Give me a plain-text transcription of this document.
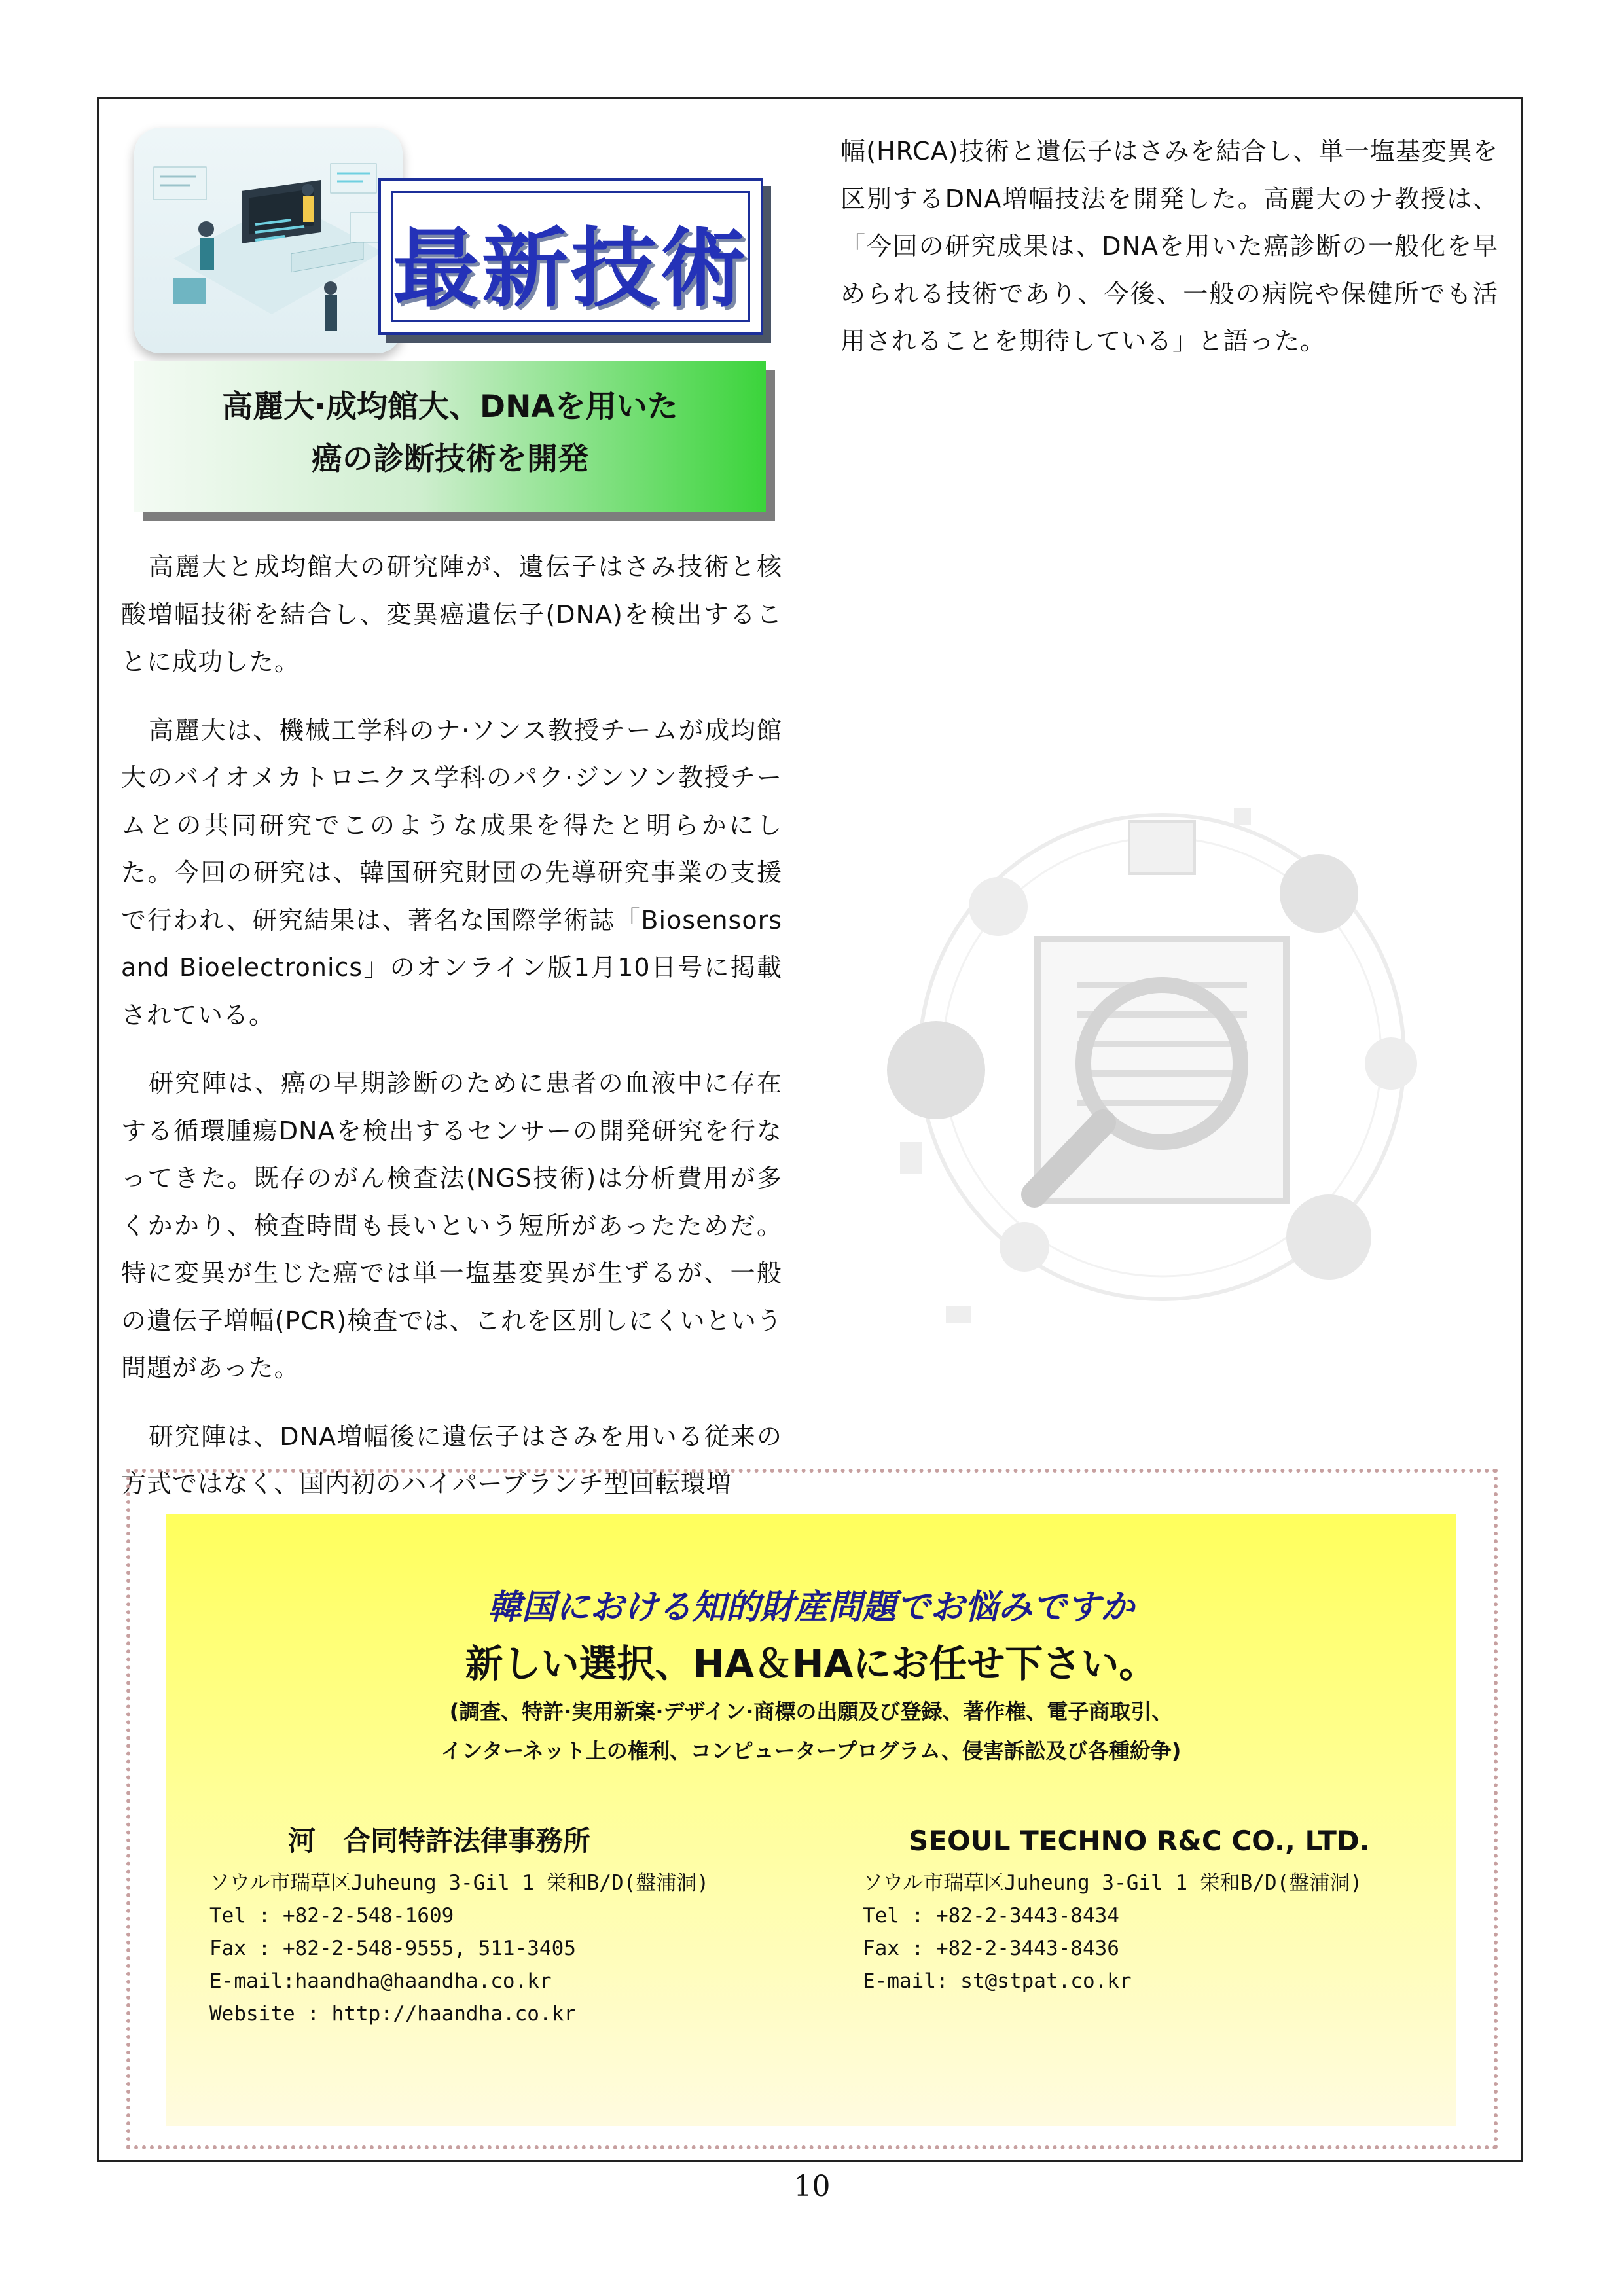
最新技術
高麗大·成均館大、DNAを用いた
癌の診断技術を開発

高麗大と成均館大の研究陣が、遺伝子はさみ技術と核酸増幅技術を結合し、変異癌遺伝子(DNA)を検出することに成功した。

高麗大は、機械工学科のナ·ソンス教授チームが成均館大のバイオメカトロニクス学科のパク·ジンソン教授チームとの共同研究でこのような成果を得たと明らかにした。今回の研究は、韓国研究財団の先導研究事業の支援で行われ、研究結果は、著名な国際学術誌「Biosensors and Bioelectronics」のオンライン版1月10日号に掲載されている。

研究陣は、癌の早期診断のために患者の血液中に存在する循環腫瘍DNAを検出するセンサーの開発研究を行なってきた。既存のがん検査法(NGS技術)は分析費用が多くかかり、検査時間も長いという短所があったためだ。特に変異が生じた癌では単一塩基変異が生ずるが、一般の遺伝子増幅(PCR)検査では、これを区別しにくいという問題があった。

研究陣は、DNA増幅後に遺伝子はさみを用いる従来の方式ではなく、国内初のハイパーブランチ型回転環増

幅(HRCA)技術と遺伝子はさみを結合し、単一塩基変異を区別するDNA増幅技法を開発した。高麗大のナ教授は、「今回の研究成果は、DNAを用いた癌診断の一般化を早められる技術であり、今後、一般の病院や保健所でも活用されることを期待している」と語った。

韓国における知的財産問題でお悩みですか
新しい選択、HA＆HAにお任せ下さい。
(調査、特許·実用新案·デザイン·商標の出願及び登録、著作権、電子商取引、
インターネット上の権利、コンピュータープログラム、侵害訴訟及び各種紛争)
河　合同特許法律事務所
ソウル市瑞草区Juheung 3-Gil 1 栄和B/D(盤浦洞)
Tel : +82-2-548-1609
Fax : +82-2-548-9555, 511-3405
E-mail:haandha@haandha.co.kr
Website : http://haandha.co.kr
SEOUL TECHNO R&C CO., LTD.
ソウル市瑞草区Juheung 3-Gil 1 栄和B/D(盤浦洞)
Tel : +82-2-3443-8434
Fax : +82-2-3443-8436
E-mail: st@stpat.co.kr
10
